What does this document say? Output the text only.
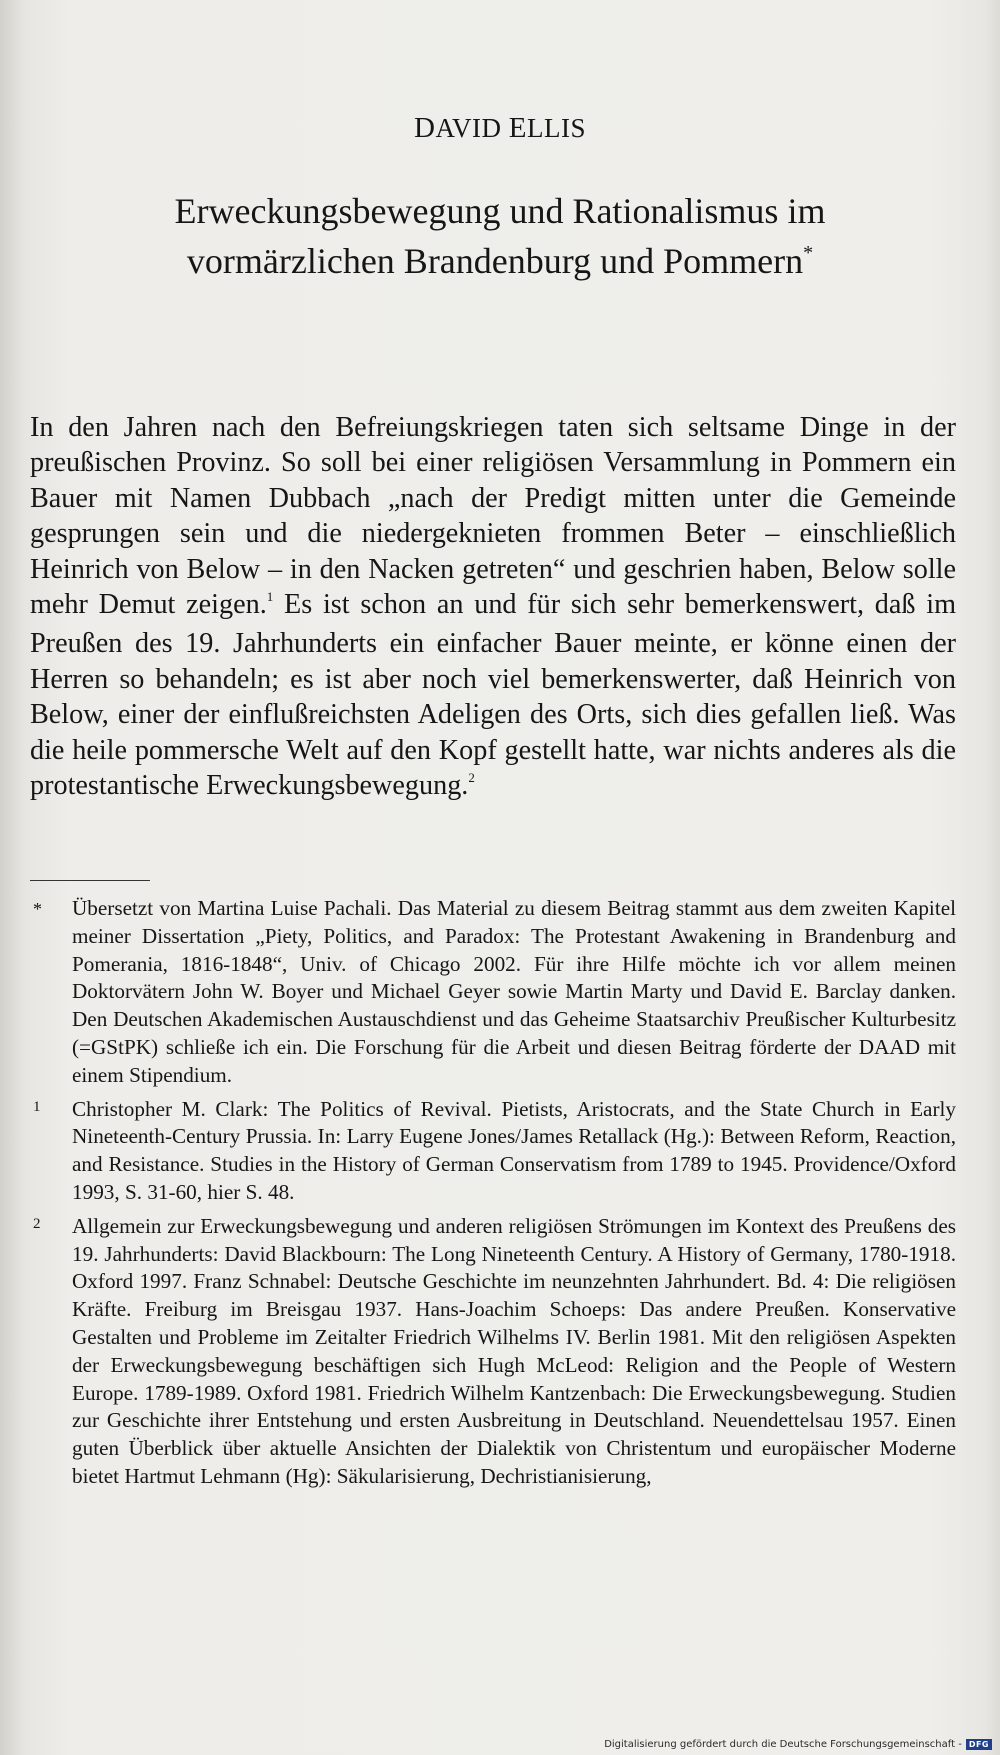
DAVID ELLIS
Erweckungsbewegung und Rationalismus im
vormärzlichen Brandenburg und Pommern*

In den Jahren nach den Befreiungskriegen taten sich seltsame Dinge in der preußischen Provinz. So soll bei einer religiösen Versammlung in Pommern ein Bauer mit Namen Dubbach „nach der Predigt mitten unter die Gemeinde gesprungen sein und die niedergeknieten frommen Beter – einschließlich Heinrich von Below – in den Nacken getreten“ und geschrien haben, Below solle mehr Demut zeigen.$^1$ Es ist schon an und für sich sehr bemerkenswert, daß im Preußen des 19. Jahrhunderts ein einfacher Bauer meinte, er könne einen der Herren so behandeln; es ist aber noch viel bemerkenswerter, daß Heinrich von Below, einer der einflußreichsten Adeligen des Orts, sich dies gefallen ließ. Was die heile pommersche Welt auf den Kopf gestellt hatte, war nichts anderes als die protestantische Erweckungsbewegung.$^2$

* Übersetzt von Martina Luise Pachali. Das Material zu diesem Beitrag stammt aus dem zweiten Kapitel meiner Dissertation „Piety, Politics, and Paradox: The Protestant Awakening in Brandenburg and Pomerania, 1816-1848“, Univ. of Chicago 2002. Für ihre Hilfe möchte ich vor allem meinen Doktorvätern John W. Boyer und Michael Geyer sowie Martin Marty und David E. Barclay danken. Den Deutschen Akademischen Austauschdienst und das Geheime Staatsarchiv Preußischer Kulturbesitz (=GStPK) schließe ich ein. Die Forschung für die Arbeit und diesen Beitrag förderte der DAAD mit einem Stipendium.

1 Christopher M. Clark: The Politics of Revival. Pietists, Aristocrats, and the State Church in Early Nineteenth-Century Prussia. In: Larry Eugene Jones/James Retallack (Hg.): Between Reform, Reaction, and Resistance. Studies in the History of German Conservatism from 1789 to 1945. Providence/Oxford 1993, S. 31-60, hier S. 48.

2 Allgemein zur Erweckungsbewegung und anderen religiösen Strömungen im Kontext des Preußens des 19. Jahrhunderts: David Blackbourn: The Long Nineteenth Century. A History of Germany, 1780-1918. Oxford 1997. Franz Schnabel: Deutsche Geschichte im neunzehnten Jahrhundert. Bd. 4: Die religiösen Kräfte. Freiburg im Breisgau 1937. Hans-Joachim Schoeps: Das andere Preußen. Konservative Gestalten und Probleme im Zeitalter Friedrich Wilhelms IV. Berlin 1981. Mit den religiösen Aspekten der Erweckungsbewegung beschäftigen sich Hugh McLeod: Religion and the People of Western Europe. 1789-1989. Oxford 1981. Friedrich Wilhelm Kantzenbach: Die Erweckungsbewegung. Studien zur Geschichte ihrer Entstehung und ersten Ausbreitung in Deutschland. Neuendettelsau 1957. Einen guten Überblick über aktuelle Ansichten der Dialektik von Christentum und europäischer Moderne bietet Hartmut Lehmann (Hg): Säkularisierung, Dechristianisierung,

Digitalisierung gefördert durch die Deutsche Forschungsgemeinschaft - DFG
